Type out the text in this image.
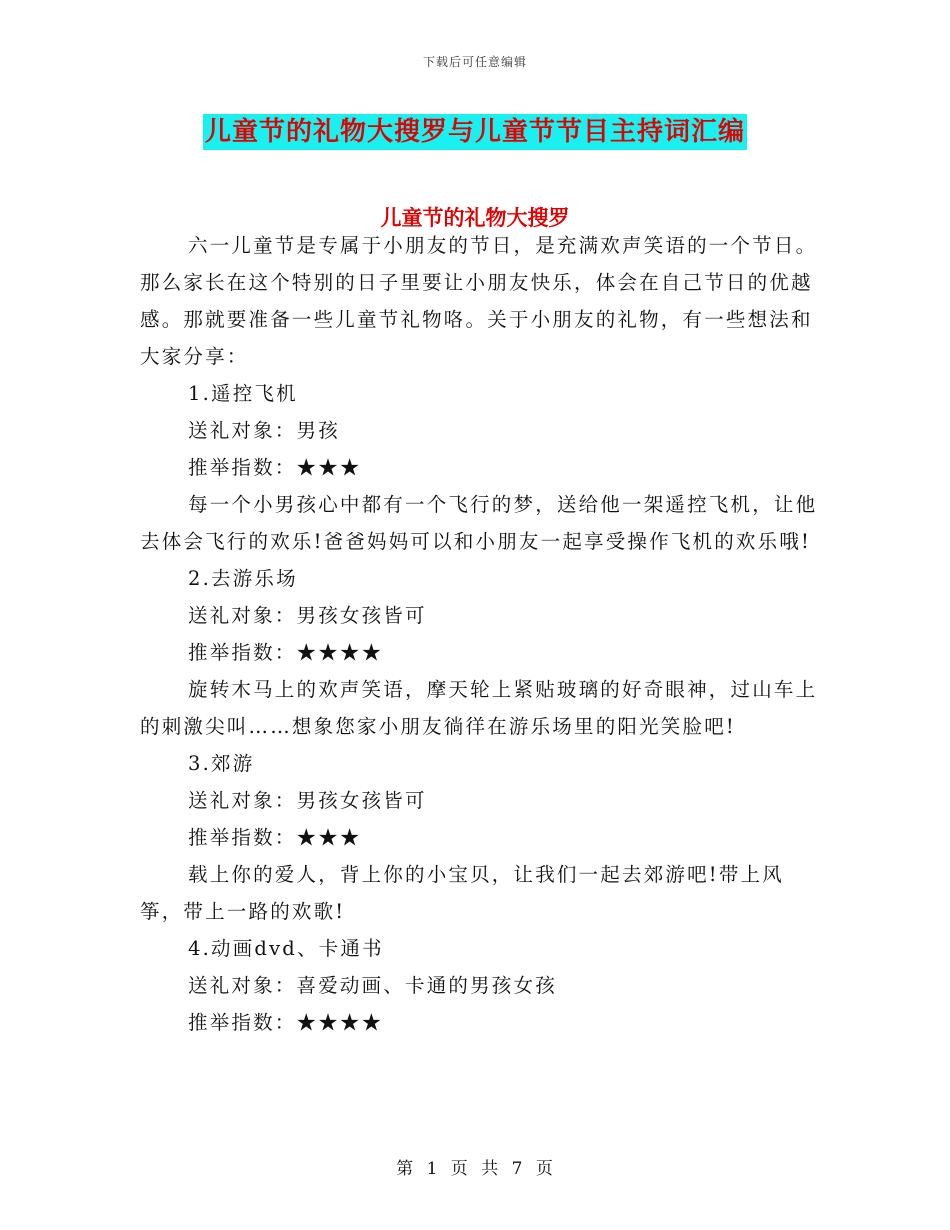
下载后可任意编辑
儿童节的礼物大搜罗与儿童节节目主持词汇编
儿童节的礼物大搜罗

六一儿童节是专属于小朋友的节日，是充满欢声笑语的一个节日。 那么家长在这个特别的日子里要让小朋友快乐，体会在自己节日的优越感。那就要准备一些儿童节礼物咯。关于小朋友的礼物，有一些想法和大家分享：

1.遥控飞机

送礼对象：男孩

推举指数：★★★

每一个小男孩心中都有一个飞行的梦，送给他一架遥控飞机，让他去体会飞行的欢乐!爸爸妈妈可以和小朋友一起享受操作飞机的欢乐哦!

2.去游乐场

送礼对象：男孩女孩皆可

推举指数：★★★★

旋转木马上的欢声笑语，摩天轮上紧贴玻璃的好奇眼神，过山车上的刺激尖叫……想象您家小朋友徜徉在游乐场里的阳光笑脸吧!

3.郊游

送礼对象：男孩女孩皆可

推举指数：★★★

载上你的爱人，背上你的小宝贝，让我们一起去郊游吧!带上风筝，带上一路的欢歌!

4.动画dvd、卡通书

送礼对象：喜爱动画、卡通的男孩女孩

推举指数：★★★★

第 1 页 共 7 页
